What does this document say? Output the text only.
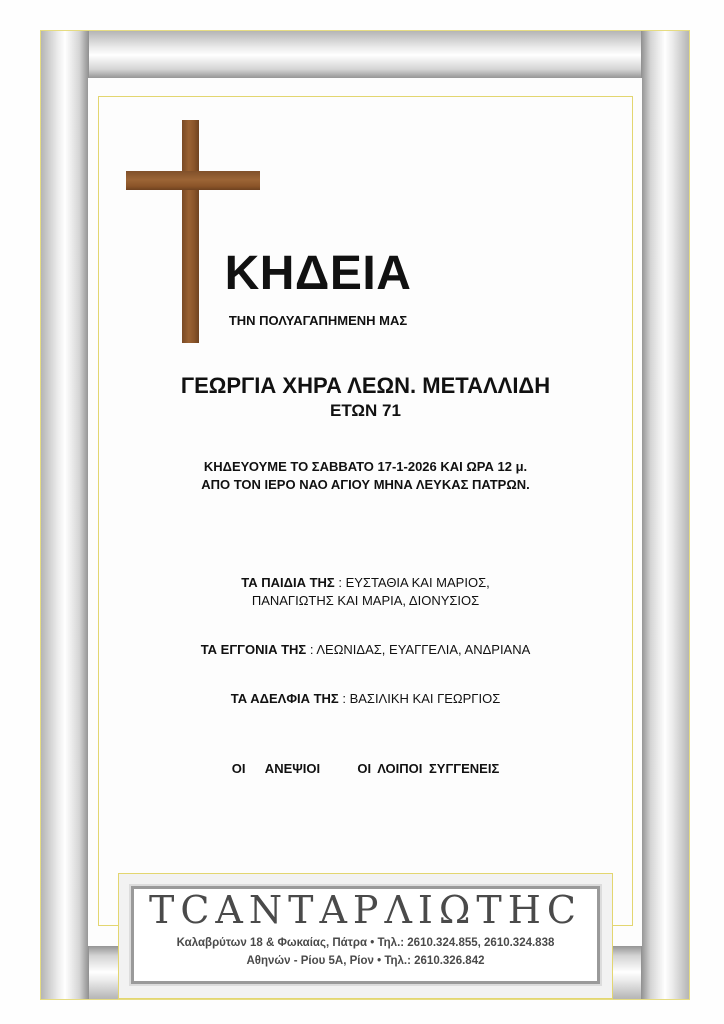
ΚΗΔΕΙΑ
ΤΗΝ ΠΟΛΥΑΓΑΠΗΜΕΝΗ ΜΑΣ
ΓΕΩΡΓΙΑ ΧΗΡΑ ΛΕΩΝ. ΜΕΤΑΛΛΙΔΗ
ΕΤΩΝ 71
ΚΗΔΕΥΟΥΜΕ ΤΟ ΣΑΒΒΑΤΟ 17-1-2026 ΚΑΙ ΩΡΑ 12 μ.
ΑΠΟ ΤΟΝ ΙΕΡΟ ΝΑΟ ΑΓΙΟΥ ΜΗΝΑ ΛΕΥΚΑΣ ΠΑΤΡΩΝ.
ΤΑ ΠΑΙΔΙΑ ΤΗΣ : ΕΥΣΤΑΘΙΑ ΚΑΙ ΜΑΡΙΟΣ,
ΠΑΝΑΓΙΩΤΗΣ ΚΑΙ ΜΑΡΙΑ, ΔΙΟΝΥΣΙΟΣ
ΤΑ ΕΓΓΟΝΙΑ ΤΗΣ : ΛΕΩΝΙΔΑΣ, ΕΥΑΓΓΕΛΙΑ, ΑΝΔΡΙΑΝΑ
ΤΑ ΑΔΕΛΦΙΑ ΤΗΣ : ΒΑΣΙΛΙΚΗ ΚΑΙ ΓΕΩΡΓΙΟΣ
ΟΙ   ΑΝΕΨΙΟΙ	ΟΙ ΛΟΙΠΟΙ ΣΥΓΓΕΝΕΙΣ
ΤϹΑΝΤΑΡΛΙΩΤΗϹ
Καλαβρύτων 18 & Φωκαίας, Πάτρα • Τηλ.: 2610.324.855, 2610.324.838
Αθηνών - Ρίου 5Α, Ρίον • Τηλ.: 2610.326.842
